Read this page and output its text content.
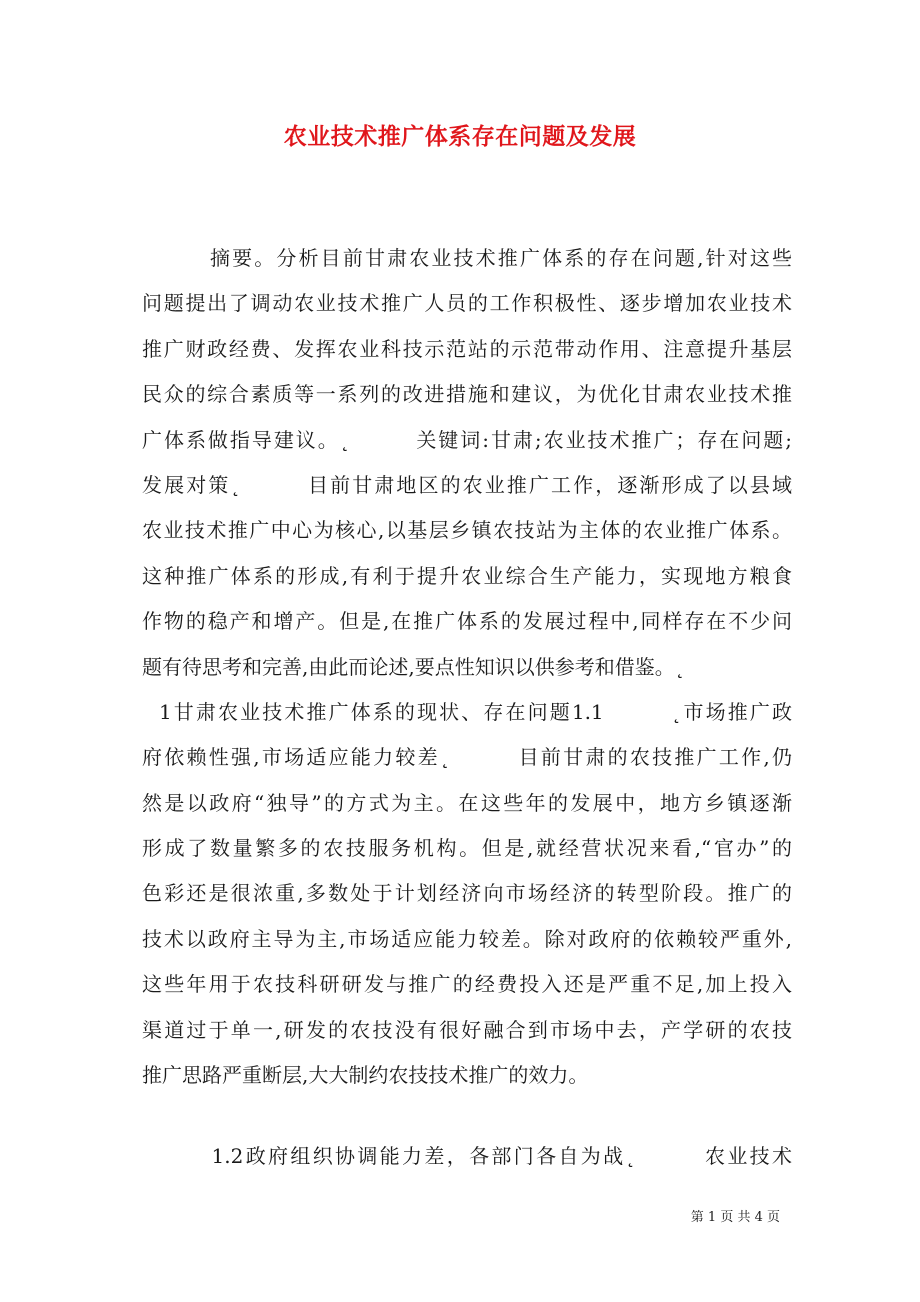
农业技术推广体系存在问题及发展
摘要。分析目前甘肃农业技术推广体系的存在问题,针对这些
问题提出了调动农业技术推广人员的工作积极性、逐步增加农业技术
推广财政经费、发挥农业科技示范站的示范带动作用、注意提升基层
民众的综合素质等一系列的改进措施和建议，为优化甘肃农业技术推
广体系做指导建议。˛        关键词:甘肃;农业技术推广；存在问题;
发展对策˛        目前甘肃地区的农业推广工作，逐渐形成了以县域
农业技术推广中心为核心,以基层乡镇农技站为主体的农业推广体系。
这种推广体系的形成,有利于提升农业综合生产能力，实现地方粮食
作物的稳产和增产。但是,在推广体系的发展过程中,同样存在不少问
题有待思考和完善,由此而论述,要点性知识以供参考和借鉴。˛
1甘肃农业技术推广体系的现状、存在问题1.1        ˛市场推广政
府依赖性强,市场适应能力较差˛        目前甘肃的农技推广工作,仍
然是以政府“独导”的方式为主。在这些年的发展中，地方乡镇逐渐
形成了数量繁多的农技服务机构。但是,就经营状况来看,“官办”的
色彩还是很浓重,多数处于计划经济向市场经济的转型阶段。推广的
技术以政府主导为主,市场适应能力较差。除对政府的依赖较严重外,
这些年用于农技科研研发与推广的经费投入还是严重不足,加上投入
渠道过于单一,研发的农技没有很好融合到市场中去，产学研的农技
推广思路严重断层,大大制约农技技术推广的效力。
1.2政府组织协调能力差，各部门各自为战˛        农业技术
第 1 页 共 4 页
